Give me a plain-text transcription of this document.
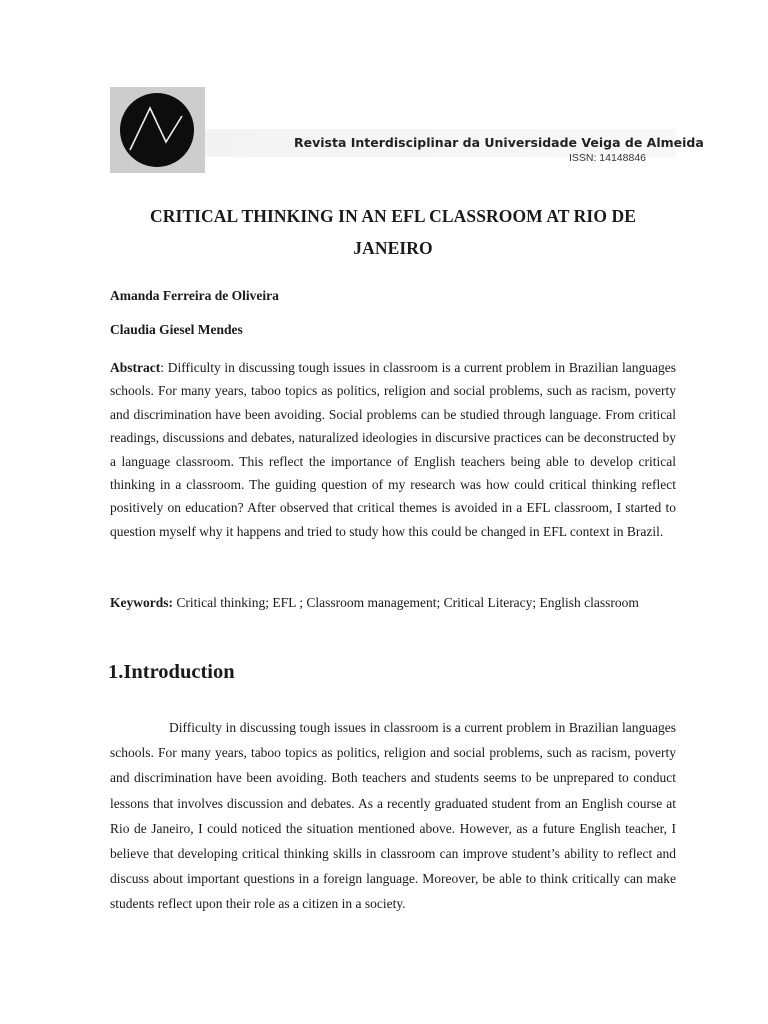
Revista Interdisciplinar da Universidade Veiga de Almeida
ISSN: 14148846
CRITICAL THINKING IN AN EFL CLASSROOM AT RIO DE JANEIRO
Amanda Ferreira de Oliveira
Claudia Giesel Mendes
Abstract: Difficulty in discussing tough issues in classroom is a current problem in Brazilian languages schools. For many years, taboo topics as politics, religion and social problems, such as racism, poverty and discrimination have been avoiding. Social problems can be studied through language. From critical readings, discussions and debates, naturalized ideologies in discursive practices can be deconstructed by a language classroom. This reflect the importance of English teachers being able to develop critical thinking in a classroom. The guiding question of my research was how could critical thinking reflect positively on education? After observed that critical themes is avoided in a EFL classroom, I started to question myself why it happens and tried to study how this could be changed in EFL context in Brazil.
Keywords: Critical thinking; EFL ; Classroom management; Critical Literacy; English classroom
1.Introduction
Difficulty in discussing tough issues in classroom is a current problem in Brazilian languages schools. For many years, taboo topics as politics, religion and social problems, such as racism, poverty and discrimination have been avoiding. Both teachers and students seems to be unprepared to conduct lessons that involves discussion and debates. As a recently graduated student from an English course at Rio de Janeiro, I could noticed the situation mentioned above. However, as a future English teacher, I believe that developing critical thinking skills in classroom can improve student’s ability to reflect and discuss about important questions in a foreign language. Moreover, be able to think critically can make students reflect upon their role as a citizen in a society.
